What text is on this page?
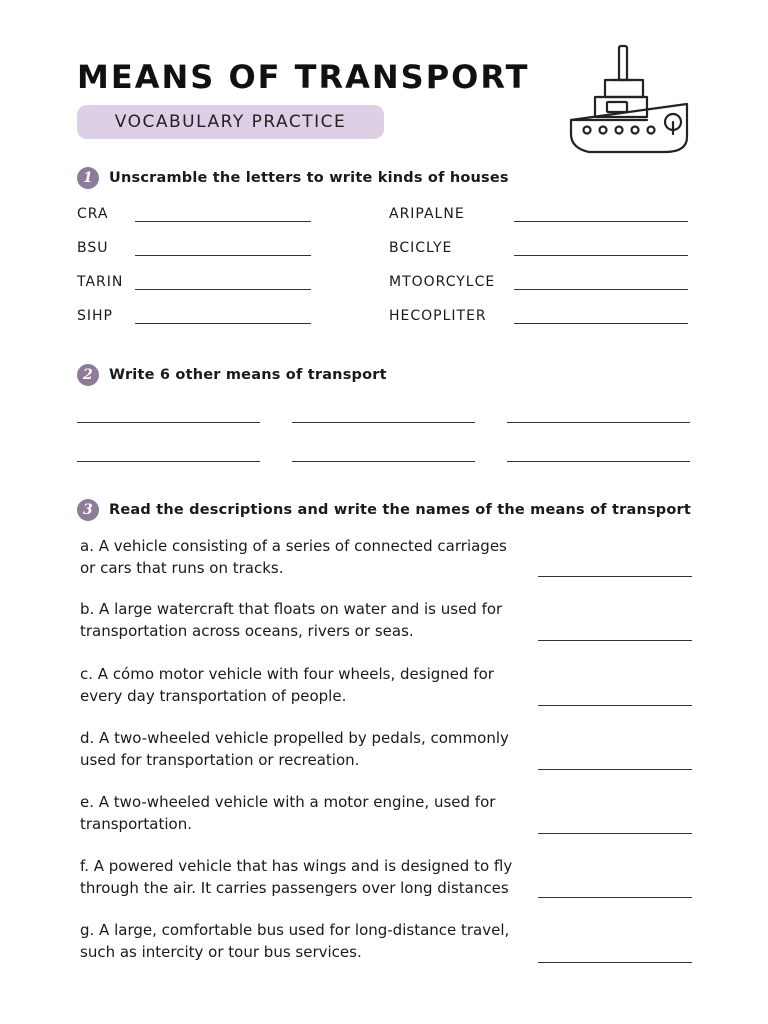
MEANS OF TRANSPORT
VOCABULARY PRACTICE
1	Unscramble the letters to write kinds of houses
CRA
BSU
TARIN
SIHP
ARIPALNE
BCICLYE
MTOORCYLCE
HECOPLITER
2	Write 6 other means of transport
3	Read the descriptions and write the names of the means of transport

a. A vehicle consisting of a series of connected carriages
or cars that runs on tracks.

b. A large watercraft that floats on water and is used for
transportation across oceans, rivers or seas.

c. A cómo motor vehicle with four wheels, designed for
every day transportation of people.

d. A two-wheeled vehicle propelled by pedals, commonly
used for transportation or recreation.

e. A two-wheeled vehicle with a motor engine, used for
transportation.

f. A powered vehicle that has wings and is designed to fly
through the air. It carries passengers over long distances

g. A large, comfortable bus used for long-distance travel,
such as intercity or tour bus services.
